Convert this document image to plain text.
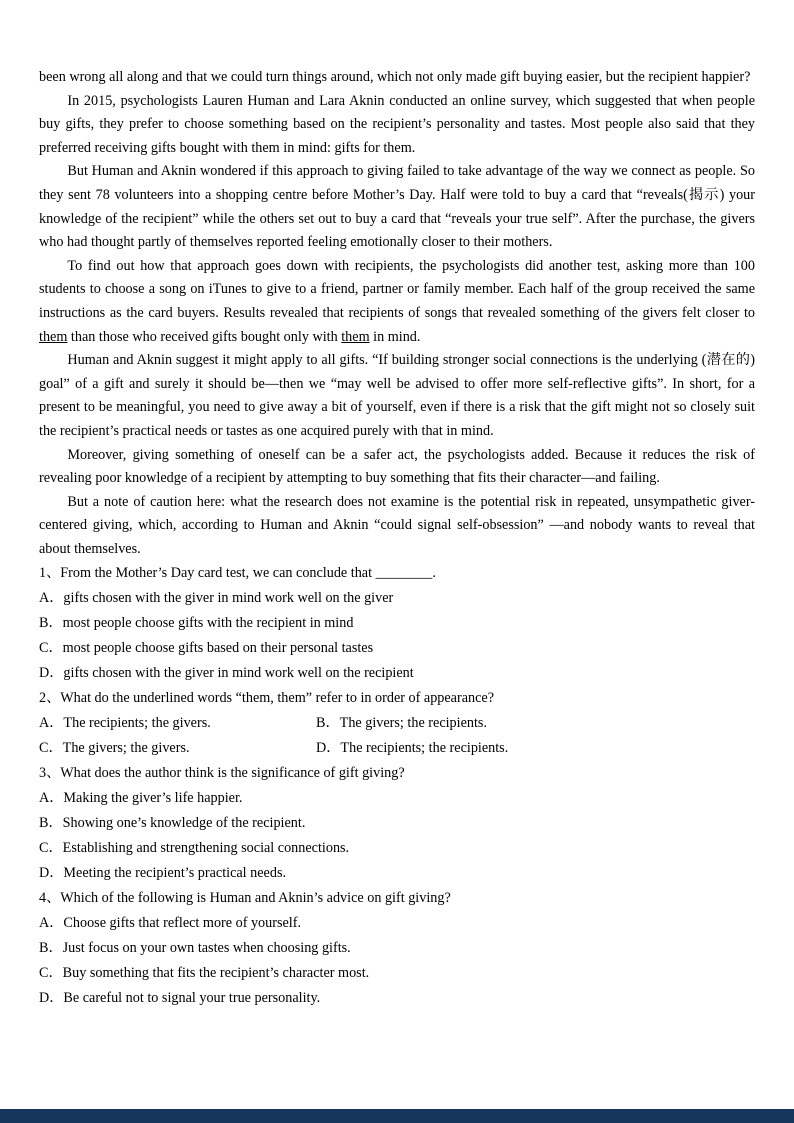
been wrong all along and that we could turn things around, which not only made gift buying easier, but the recipient happier?

In 2015, psychologists Lauren Human and Lara Aknin conducted an online survey, which suggested that when people buy gifts, they prefer to choose something based on the recipient’s personality and tastes. Most people also said that they preferred receiving gifts bought with them in mind: gifts for them.

But Human and Aknin wondered if this approach to giving failed to take advantage of the way we connect as people. So they sent 78 volunteers into a shopping centre before Mother’s Day. Half were told to buy a card that “reveals(揭示) your knowledge of the recipient” while the others set out to buy a card that “reveals your true self”. After the purchase, the givers who had thought partly of themselves reported feeling emotionally closer to their mothers.

To find out how that approach goes down with recipients, the psychologists did another test, asking more than 100 students to choose a song on iTunes to give to a friend, partner or family member. Each half of the group received the same instructions as the card buyers. Results revealed that recipients of songs that revealed something of the givers felt closer to them than those who received gifts bought only with them in mind.

Human and Aknin suggest it might apply to all gifts. “If building stronger social connections is the underlying (潜在的) goal” of a gift and surely it should be—then we “may well be advised to offer more self-reflective gifts”. In short, for a present to be meaningful, you need to give away a bit of yourself, even if there is a risk that the gift might not so closely suit the recipient’s practical needs or tastes as one acquired purely with that in mind.

Moreover, giving something of oneself can be a safer act, the psychologists added. Because it reduces the risk of revealing poor knowledge of a recipient by attempting to buy something that fits their character—and failing.

But a note of caution here: what the research does not examine is the potential risk in repeated, unsympathetic giver-centered giving, which, according to Human and Aknin “could signal self-obsession” —and nobody wants to reveal that about themselves.

1、From the Mother’s Day card test, we can conclude that ________.

A．gifts chosen with the giver in mind work well on the giver

B．most people choose gifts with the recipient in mind

C．most people choose gifts based on their personal tastes

D．gifts chosen with the giver in mind work well on the recipient

2、What do the underlined words “them, them” refer to in order of appearance?

A．The recipients; the givers.	B．The givers; the recipients.

C．The givers; the givers.	D．The recipients; the recipients.

3、What does the author think is the significance of gift giving?

A．Making the giver’s life happier.

B．Showing one’s knowledge of the recipient.

C．Establishing and strengthening social connections.

D．Meeting the recipient’s practical needs.

4、Which of the following is Human and Aknin’s advice on gift giving?

A．Choose gifts that reflect more of yourself.

B．Just focus on your own tastes when choosing gifts.

C．Buy something that fits the recipient’s character most.

D．Be careful not to signal your true personality.
